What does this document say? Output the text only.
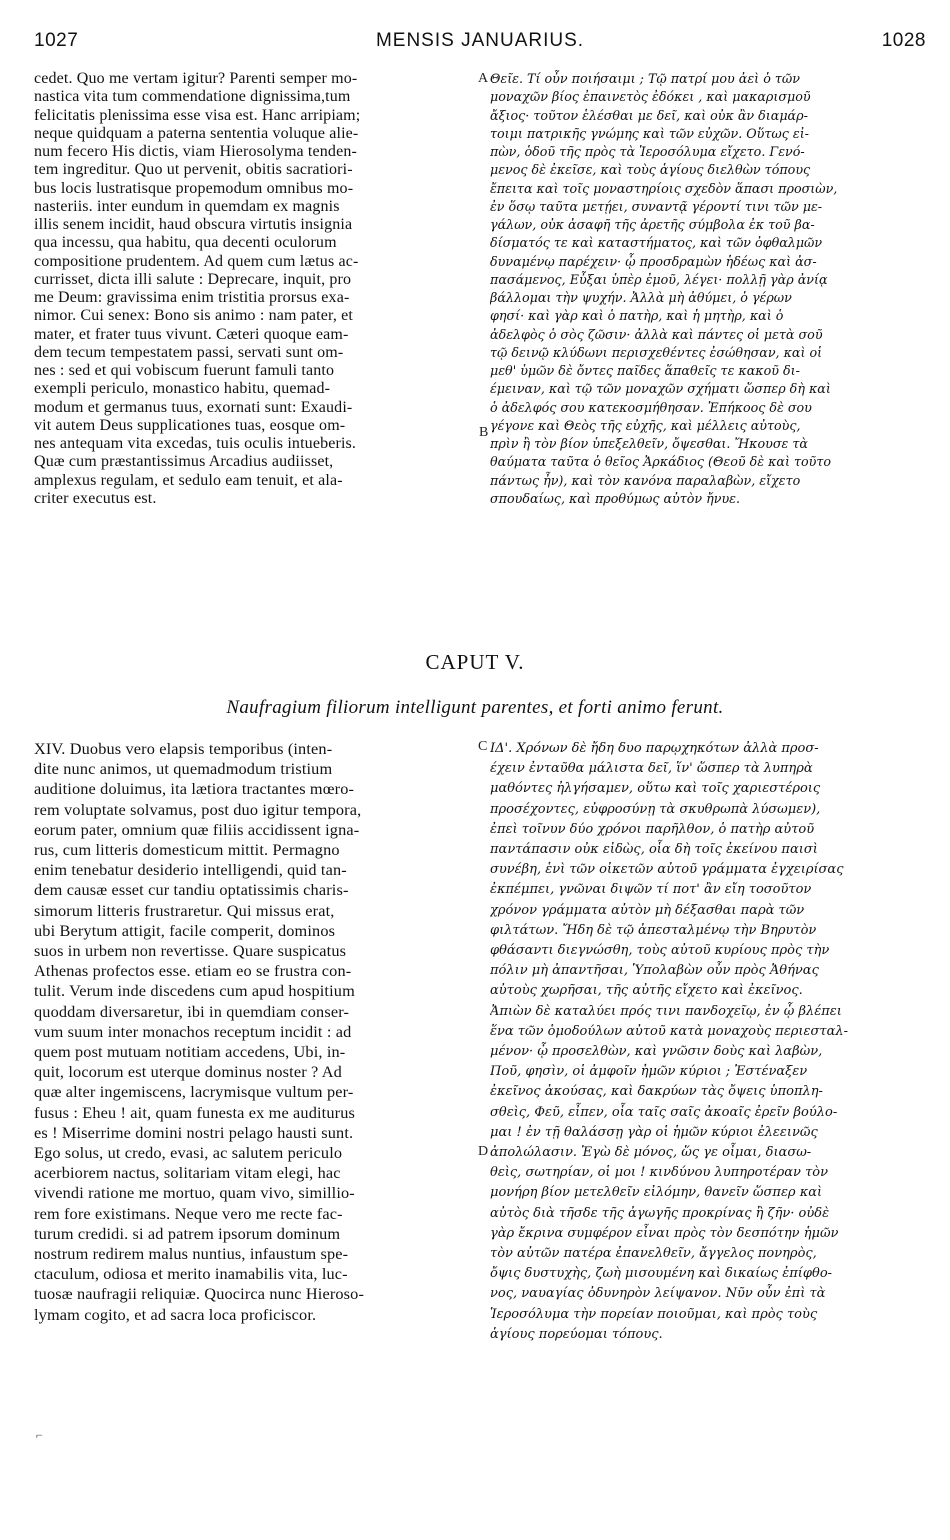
1027	MENSIS JANUARIUS.	1028
cedet. Quo me vertam igitur? Parenti semper mo-
nastica vita tum commendatione dignissima,tum
felicitatis plenissima esse visa est. Hanc arripiam;
neque quidquam a paterna sententia voluque alie-
num fecero His dictis, viam Hierosolyma tenden-
tem ingreditur. Quo ut pervenit, obitis sacratiori-
bus locis lustratisque propemodum omnibus mo-
nasteriis. inter eundum in quemdam ex magnis
illis senem incidit, haud obscura virtutis insignia
qua incessu, qua habitu, qua decenti oculorum
compositione prudentem. Ad quem cum lætus ac-
currisset, dicta illi salute : Deprecare, inquit, pro
me Deum: gravissima enim tristitia prorsus exa-
nimor. Cui senex: Bono sis animo : nam pater, et
mater, et frater tuus vivunt. Cæteri quoque eam-
dem tecum tempestatem passi, servati sunt om-
nes : sed et qui vobiscum fuerunt famuli tanto
exempli periculo, monastico habitu, quemad-
modum et germanus tuus, exornati sunt: Exaudi-
vit autem Deus supplicationes tuas, eosque om-
nes antequam vita excedas, tuis oculis intueberis.
Quæ cum præstantissimus Arcadius audiisset,
amplexus regulam, et sedulo eam tenuit, et ala-
criter executus est.
Θεῖε. Τί οὖν ποιήσαιμι ; Τῷ πατρί μου ἀεὶ ὁ τῶν
μοναχῶν βίος ἐπαινετὸς ἐδόκει , καὶ μακαρισμοῦ
ἄξιος· τοῦτον ἑλέσθαι με δεῖ, καὶ οὐκ ἂν διαμάρ-
τοιμι πατρικῆς γνώμης καὶ τῶν εὐχῶν. Οὕτως εἰ-
πὼν, ὁδοῦ τῆς πρὸς τὰ Ἱεροσόλυμα εἴχετο. Γενό-
μενος δὲ ἐκεῖσε, καὶ τοὺς ἁγίους διελθὼν τόπους
ἔπειτα καὶ τοῖς μοναστηρίοις σχεδὸν ἅπασι προσιὼν,
ἐν ὅσῳ ταῦτα μετῄει, συναντᾷ γέροντί τινι τῶν με-
γάλων, οὐκ ἀσαφῆ τῆς ἀρετῆς σύμβολα ἐκ τοῦ βα-
δίσματός τε καὶ καταστήματος, καὶ τῶν ὀφθαλμῶν
δυναμένῳ παρέχειν· ᾧ προσδραμὼν ἡδέως καὶ ἀσ-
πασάμενος, Εὖξαι ὑπὲρ ἐμοῦ, λέγει· πολλῇ γὰρ ἀνίᾳ
βάλλομαι τὴν ψυχήν. Ἀλλὰ μὴ ἀθύμει, ὁ γέρων
φησί· καὶ γὰρ καὶ ὁ πατὴρ, καὶ ἡ μητὴρ, καὶ ὁ
ἀδελφὸς ὁ σὸς ζῶσιν· ἀλλὰ καὶ πάντες οἱ μετὰ σοῦ
τῷ δεινῷ κλύδωνι περισχεθέντες ἐσώθησαν, καὶ οἱ
μεθ' ὑμῶν δὲ ὄντες παῖδες ἅπαθεῖς τε κακοῦ δι-
έμειναν, καὶ τῷ τῶν μοναχῶν σχήματι ὥσπερ δὴ καὶ
ὁ ἀδελφός σου κατεκοσμήθησαν. Ἐπήκοος δὲ σου
γέγονε καὶ Θεὸς τῆς εὐχῆς, καὶ μέλλεις αὐτοὺς,
πρὶν ἢ τὸν βίον ὑπεξελθεῖν, ὄψεσθαι. Ἤκουσε τὰ
θαύματα ταῦτα ὁ θεῖος Ἀρκάδιος (Θεοῦ δὲ καὶ τοῦτο
πάντως ἦν), καὶ τὸν κανόνα παραλαβὼν, εἴχετο
σπουδαίως, καὶ προθύμως αὐτὸν ἤνυε.
A
B
C
D
CAPUT V.
Naufragium filiorum intelligunt parentes, et forti animo ferunt.
XIV. Duobus vero elapsis temporibus (inten-
dite nunc animos, ut quemadmodum tristium
auditione doluimus, ita lætiora tractantes mœro-
rem voluptate solvamus, post duo igitur tempora,
eorum pater, omnium quæ filiis accidissent igna-
rus, cum litteris domesticum mittit. Permagno
enim tenebatur desiderio intelligendi, quid tan-
dem causæ esset cur tandiu optatissimis charis-
simorum litteris frustraretur. Qui missus erat,
ubi Berytum attigit, facile comperit, dominos
suos in urbem non revertisse. Quare suspicatus
Athenas profectos esse. etiam eo se frustra con-
tulit. Verum inde discedens cum apud hospitium
quoddam diversaretur, ibi in quemdiam conser-
vum suum inter monachos receptum incidit : ad
quem post mutuam notitiam accedens, Ubi, in-
quit, locorum est uterque dominus noster ? Ad
quæ alter ingemiscens, lacrymisque vultum per-
fusus : Eheu ! ait, quam funesta ex me auditurus
es ! Miserrime domini nostri pelago hausti sunt.
Ego solus, ut credo, evasi, ac salutem periculo
acerbiorem nactus, solitariam vitam elegi, hac
vivendi ratione me mortuo, quam vivo, simillio-
rem fore existimans. Neque vero me recte fac-
turum credidi. si ad patrem ipsorum dominum
nostrum redirem malus nuntius, infaustum spe-
ctaculum, odiosa et merito inamabilis vita, luc-
tuosæ naufragii reliquiæ. Quocirca nunc Hieroso-
lymam cogito, et ad sacra loca proficiscor.
ΙΔ'. Χρόνων δὲ ἤδη δυο παρῳχηκότων ἀλλὰ προσ-
έχειν ἐνταῦθα μάλιστα δεῖ, ἵν' ὥσπερ τὰ λυπηρὰ
μαθόντες ἠλγήσαμεν, οὕτω καὶ τοῖς χαριεστέροις
προσέχοντες, εὐφροσύνῃ τὰ σκυθρωπὰ λύσωμεν),
ἐπεὶ τοῖνυν δύο χρόνοι παρῆλθον, ὁ πατὴρ αὐτοῦ
παντάπασιν οὐκ εἰδὼς, οἷα δὴ τοῖς ἐκείνου παισὶ
συνέβη, ἑνὶ τῶν οἰκετῶν αὐτοῦ γράμματα ἐγχειρίσας
ἐκπέμπει, γνῶναι διψῶν τί ποτ' ἂν εἴη τοσοῦτον
χρόνον γράμματα αὐτὸν μὴ δέξασθαι παρὰ τῶν
φιλτάτων. Ἤδη δὲ τῷ ἀπεσταλμένῳ τὴν Βηρυτὸν
φθάσαντι διεγνώσθη, τοὺς αὐτοῦ κυρίους πρὸς τὴν
πόλιν μὴ ἀπαντῆσαι, Ὑπολαβὼν οὖν πρὸς Ἀθήνας
αὐτοὺς χωρῆσαι, τῆς αὐτῆς εἴχετο καὶ ἐκεῖνος.
Ἀπιὼν δὲ καταλύει πρός τινι πανδοχεῖῳ, ἐν ᾧ βλέπει
ἕνα τῶν ὁμοδούλων αὐτοῦ κατὰ μοναχοὺς περιεσταλ-
μένον· ᾧ προσελθὼν, καὶ γνῶσιν δοὺς καὶ λαβὼν,
Ποῦ, φησὶν, οἱ ἀμφοῖν ἡμῶν κύριοι ; Ἐστέναξεν
ἐκεῖνος ἀκούσας, καὶ δακρύων τὰς ὄψεις ὑποπλη-
σθεὶς, Φεῦ, εἶπεν, οἷα ταῖς σαῖς ἀκοαῖς ἐρεῖν βούλο-
μαι ! ἐν τῇ θαλάσσῃ γὰρ οἱ ἡμῶν κύριοι ἐλεεινῶς
ἀπολώλασιν. Ἐγὼ δὲ μόνος, ὥς γε οἶμαι, διασω-
θεὶς, σωτηρίαν, οἱ μοι ! κινδύνου λυπηροτέραν τὸν
μονήρη βίον μετελθεῖν εἰλόμην, θανεῖν ὥσπερ καὶ
αὐτὸς διὰ τῆσδε τῆς ἀγωγῆς προκρίνας ἢ ζῆν· οὐδὲ
γὰρ ἔκρινα συμφέρον εἶναι πρὸς τὸν δεσπότην ἡμῶν
τὸν αὐτῶν πατέρα ἐπανελθεῖν, ἄγγελος πονηρὸς,
ὄψις δυστυχὴς, ζωὴ μισουμένη καὶ δικαίως ἐπίφθο-
νος, ναυαγίας ὀδυνηρὸν λείψανον. Νῦν οὖν ἐπὶ τὰ
Ἱεροσόλυμα τὴν πορείαν ποιοῦμαι, καὶ πρὸς τοὺς
ἁγίους πορεύομαι τόπους.
⌐
